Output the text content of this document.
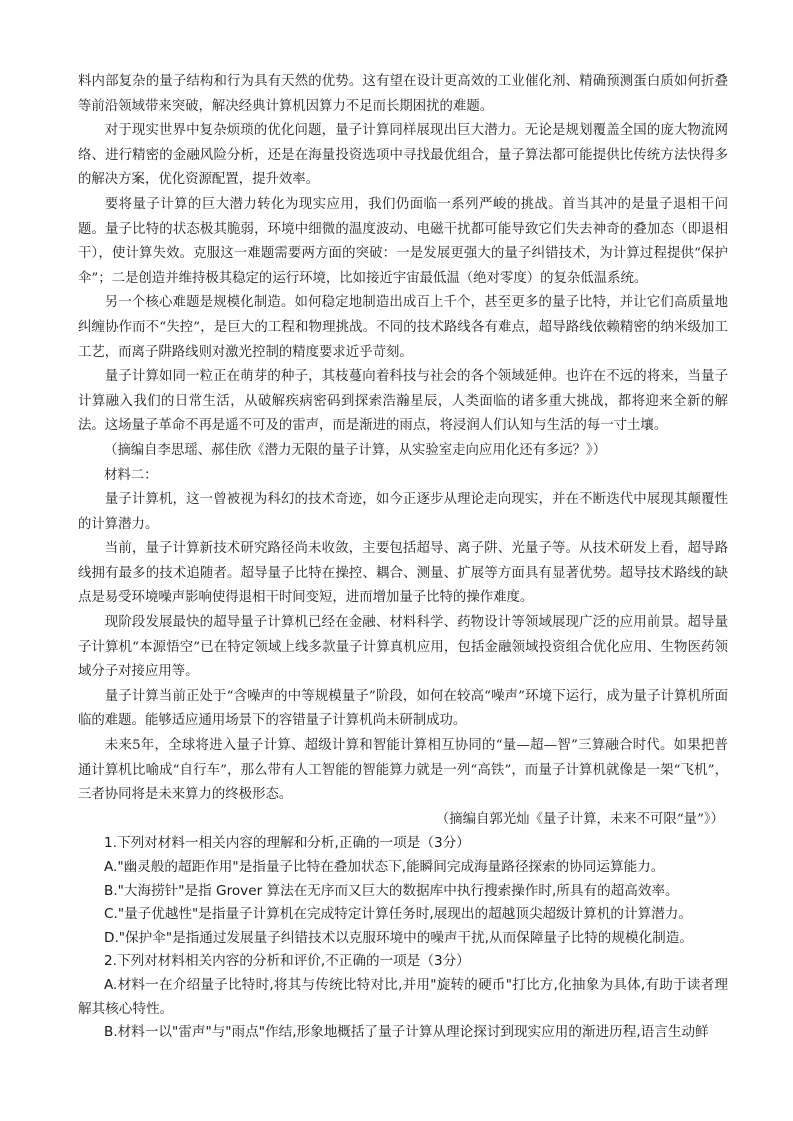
料内部复杂的量子结构和行为具有天然的优势。这有望在设计更高效的工业催化剂、精确预测蛋白质如何折叠等前沿领域带来突破，解决经典计算机因算力不足而长期困扰的难题。

对于现实世界中复杂烦琐的优化问题，量子计算同样展现出巨大潜力。无论是规划覆盖全国的庞大物流网络、进行精密的金融风险分析，还是在海量投资选项中寻找最优组合，量子算法都可能提供比传统方法快得多的解决方案，优化资源配置，提升效率。

要将量子计算的巨大潜力转化为现实应用，我们仍面临一系列严峻的挑战。首当其冲的是量子退相干问题。量子比特的状态极其脆弱，环境中细微的温度波动、电磁干扰都可能导致它们失去神奇的叠加态（即退相干），使计算失效。克服这一难题需要两方面的突破：一是发展更强大的量子纠错技术，为计算过程提供“保护伞”；二是创造并维持极其稳定的运行环境，比如接近宇宙最低温（绝对零度）的复杂低温系统。

另一个核心难题是规模化制造。如何稳定地制造出成百上千个，甚至更多的量子比特，并让它们高质量地纠缠协作而不“失控”，是巨大的工程和物理挑战。不同的技术路线各有难点，超导路线依赖精密的纳米级加工工艺，而离子阱路线则对激光控制的精度要求近乎苛刻。

量子计算如同一粒正在萌芽的种子，其枝蔓向着科技与社会的各个领域延伸。也许在不远的将来，当量子计算融入我们的日常生活，从破解疾病密码到探索浩瀚星辰，人类面临的诸多重大挑战，都将迎来全新的解法。这场量子革命不再是遥不可及的雷声，而是渐进的雨点，将浸润人们认知与生活的每一寸土壤。

（摘编自李思瑶、郝佳欣《潜力无限的量子计算，从实验室走向应用化还有多远？》）

材料二：

量子计算机，这一曾被视为科幻的技术奇迹，如今正逐步从理论走向现实，并在不断迭代中展现其颠覆性的计算潜力。

当前，量子计算新技术研究路径尚未收敛，主要包括超导、离子阱、光量子等。从技术研发上看，超导路线拥有最多的技术追随者。超导量子比特在操控、耦合、测量、扩展等方面具有显著优势。超导技术路线的缺点是易受环境噪声影响使得退相干时间变短，进而增加量子比特的操作难度。

现阶段发展最快的超导量子计算机已经在金融、材料科学、药物设计等领域展现广泛的应用前景。超导量子计算机“本源悟空”已在特定领域上线多款量子计算真机应用，包括金融领域投资组合优化应用、生物医药领域分子对接应用等。

量子计算当前正处于“含噪声的中等规模量子”阶段，如何在较高“噪声”环境下运行，成为量子计算机所面临的难题。能够适应通用场景下的容错量子计算机尚未研制成功。

未来5年，全球将进入量子计算、超级计算和智能计算相互协同的“量—超—智”三算融合时代。如果把普通计算机比喻成“自行车”，那么带有人工智能的智能算力就是一列“高铁”，而量子计算机就像是一架“飞机”，三者协同将是未来算力的终极形态。

（摘编自郭光灿《量子计算，未来不可限“量”》）

1.下列对材料一相关内容的理解和分析,正确的一项是（3分）

A."幽灵般的超距作用"是指量子比特在叠加状态下,能瞬间完成海量路径探索的协同运算能力。

B."大海捞针"是指 Grover 算法在无序而又巨大的数据库中执行搜索操作时,所具有的超高效率。

C."量子优越性"是指量子计算机在完成特定计算任务时,展现出的超越顶尖超级计算机的计算潜力。

D."保护伞"是指通过发展量子纠错技术以克服环境中的噪声干扰,从而保障量子比特的规模化制造。

2.下列对材料相关内容的分析和评价,不正确的一项是（3分）

A.材料一在介绍量子比特时,将其与传统比特对比,并用"旋转的硬币"打比方,化抽象为具体,有助于读者理解其核心特性。

B.材料一以"雷声"与"雨点"作结,形象地概括了量子计算从理论探讨到现实应用的渐进历程,语言生动鲜
